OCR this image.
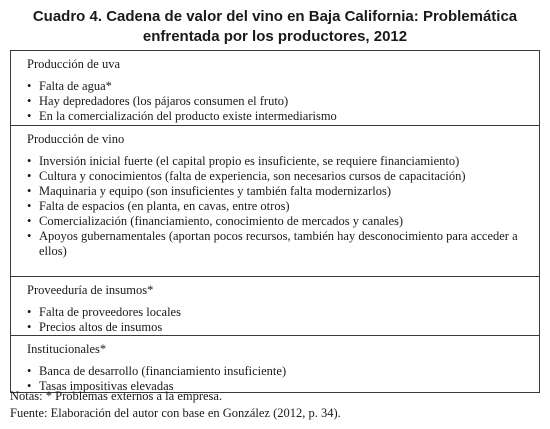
Cuadro 4. Cadena de valor del vino en Baja California: Problemática
enfrentada por los productores, 2012
Producción de uva
• Falta de agua*
• Hay depredadores (los pájaros consumen el fruto)
• En la comercialización del producto existe intermediarismo
Producción de vino
• Inversión inicial fuerte (el capital propio es insuficiente, se requiere financiamiento)
• Cultura y conocimientos (falta de experiencia, son necesarios cursos de capacitación)
• Maquinaria y equipo (son insuficientes y también falta modernizarlos)
• Falta de espacios (en planta, en cavas, entre otros)
• Comercialización (financiamiento, conocimiento de mercados y canales)
• Apoyos gubernamentales (aportan pocos recursos, también hay desconocimiento para acceder a ellos)
Proveeduría de insumos*
• Falta de proveedores locales
• Precios altos de insumos
Institucionales*
• Banca de desarrollo (financiamiento insuficiente)
• Tasas impositivas elevadas
Notas: * Problemas externos a la empresa.
Fuente: Elaboración del autor con base en González (2012, p. 34).
